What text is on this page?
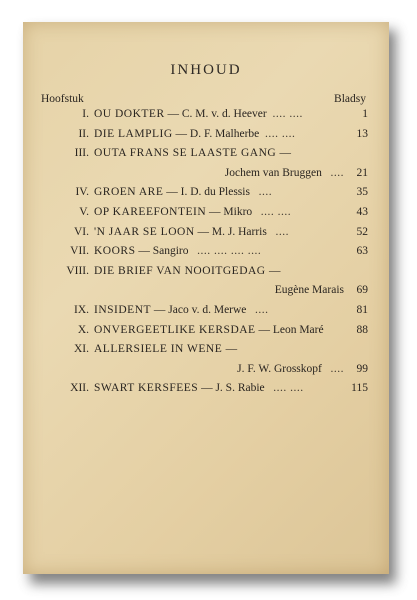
INHOUD
Hoofstuk	Bladsy
I. OU DOKTER — C. M. v. d. Heever .... ....	1
II. DIE LAMPLIG — D. F. Malherbe .... ....	13
III. OUTA FRANS SE LAASTE GANG —
Jochem van Bruggen .... 21
IV. GROEN ARE — I. D. du Plessis ....	35
V. OP KAREEFONTEIN — Mikro .... ....	43
VI. 'N JAAR SE LOON — M. J. Harris ....	52
VII. KOORS — Sangiro .... .... .... ....	63
VIII. DIE BRIEF VAN NOOITGEDAG —
Eugène Marais 69
IX. INSIDENT — Jaco v. d. Merwe ....	81
X. ONVERGEETLIKE KERSDAE — Leon Maré	88
XI. ALLERSIELE IN WENE —
J. F. W. Grosskopf .... 99
XII. SWART KERSFEES — J. S. Rabie .... ....	115
